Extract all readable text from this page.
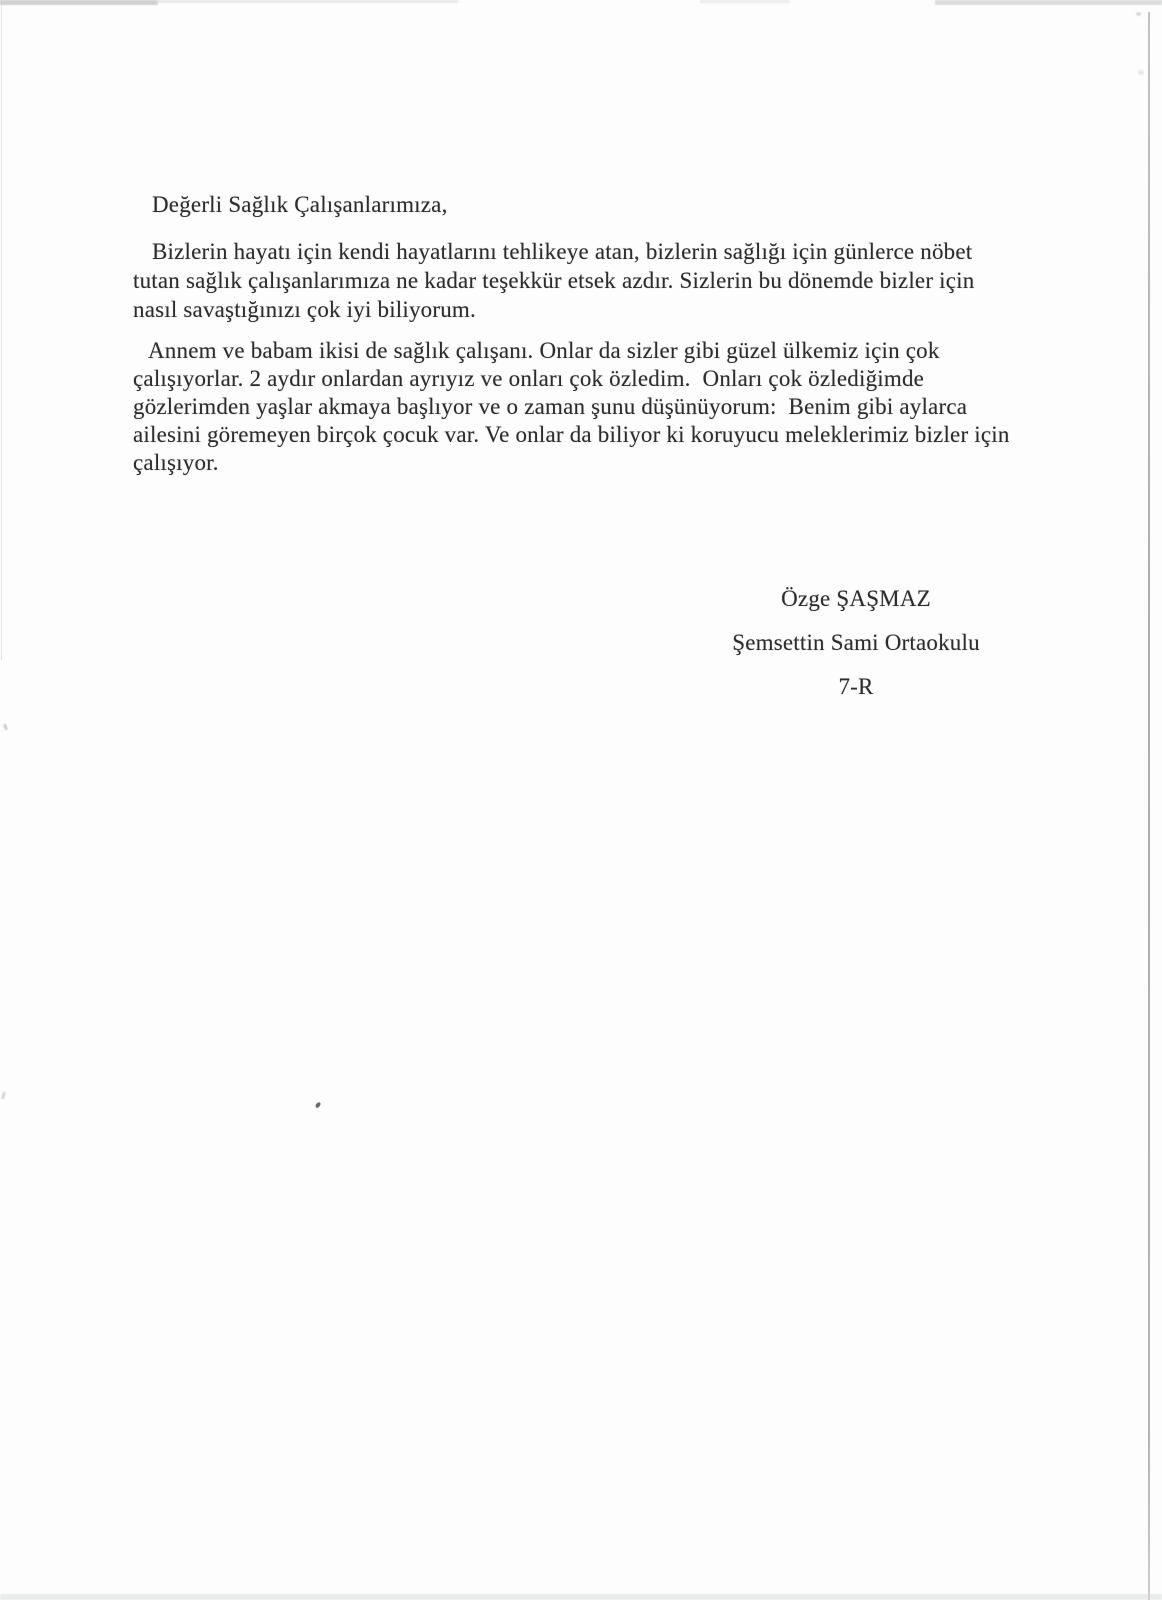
Değerli Sağlık Çalışanlarımıza,
Bizlerin hayatı için kendi hayatlarını tehlikeye atan, bizlerin sağlığı için günlerce nöbet
tutan sağlık çalışanlarımıza ne kadar teşekkür etsek azdır. Sizlerin bu dönemde bizler için
nasıl savaştığınızı çok iyi biliyorum.
Annem ve babam ikisi de sağlık çalışanı. Onlar da sizler gibi güzel ülkemiz için çok
çalışıyorlar. 2 aydır onlardan ayrıyız ve onları çok özledim.  Onları çok özlediğimde
gözlerimden yaşlar akmaya başlıyor ve o zaman şunu düşünüyorum:  Benim gibi aylarca
ailesini göremeyen birçok çocuk var. Ve onlar da biliyor ki koruyucu meleklerimiz bizler için
çalışıyor.
Özge ŞAŞMAZ
Şemsettin Sami Ortaokulu
7-R
